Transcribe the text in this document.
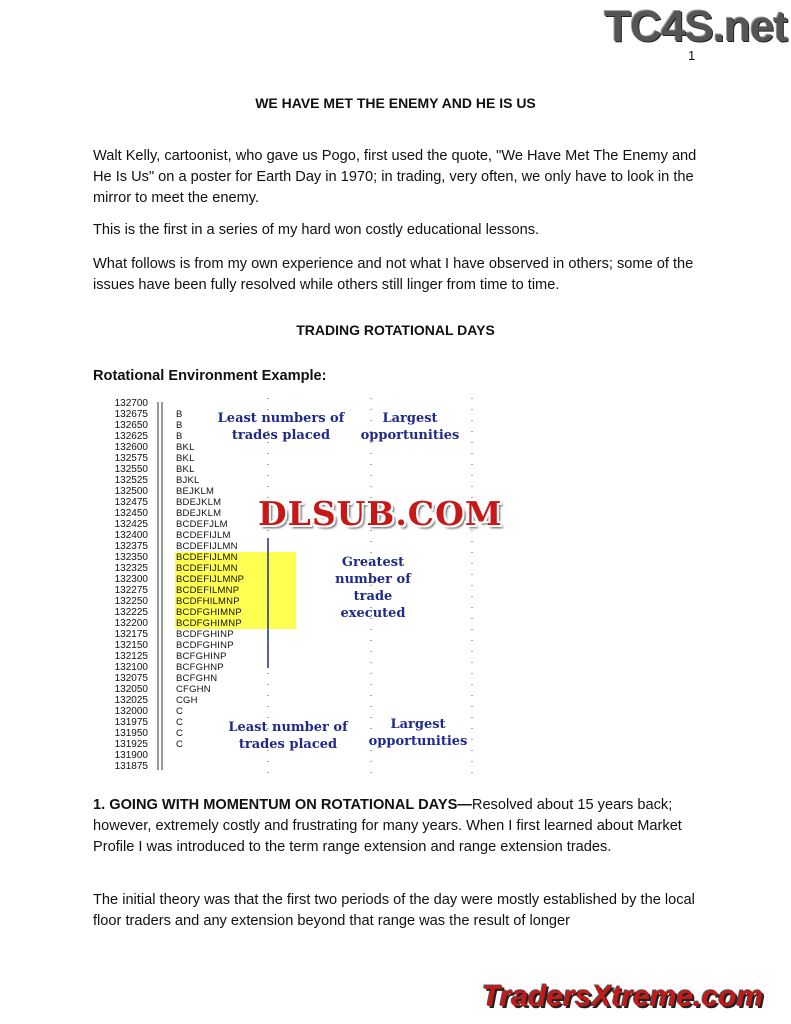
TC4S.net
1
WE HAVE MET THE ENEMY AND HE IS US
Walt Kelly, cartoonist, who gave us Pogo, first used the quote, "We Have Met The Enemy and He Is Us" on a poster for Earth Day in 1970; in trading, very often, we only have to look in the mirror to meet the enemy.
This is the first in a series of my hard won costly educational lessons.
What follows is from my own experience and not what I have observed in others; some of the issues have been fully resolved while others still linger from time to time.
TRADING ROTATIONAL DAYS
Rotational Environment Example:
132700
132675
132650
132625
132600
132575
132550
132525
132500
132475
132450
132425
132400
132375
132350
132325
132300
132275
132250
132225
132200
132175
132150
132125
132100
132075
132050
132025
132000
131975
131950
131925
131900
131875
B
B
B
BKL
BKL
BKL
BJKL
BEJKLM
BDEJKLM
BDEJKLM
BCDEFJLM
BCDEFIJLM
BCDEFIJLMN
BCDEFIJLMN
BCDEFIJLMN
BCDEFIJLMNP
BCDEFILMNP
BCDFHILMNP
BCDFGHIMNP
BCDFGHIMNP
BCDFGHINP
BCDFGHINP
BCFGHINP
BCFGHNP
BCFGHN
CFGHN
CGH
C
C
C
C
Least numbers of trades placed
Largest opportunities
Greatest number of trade executed
Least number of trades placed
Largest opportunities
DLSUB.COM
1. GOING WITH MOMENTUM ON ROTATIONAL DAYS—Resolved about 15 years back; however, extremely costly and frustrating for many years. When I first learned about Market Profile I was introduced to the term range extension and range extension trades.
The initial theory was that the first two periods of the day were mostly established by the local floor traders and any extension beyond that range was the result of longer
TradersXtreme.com
